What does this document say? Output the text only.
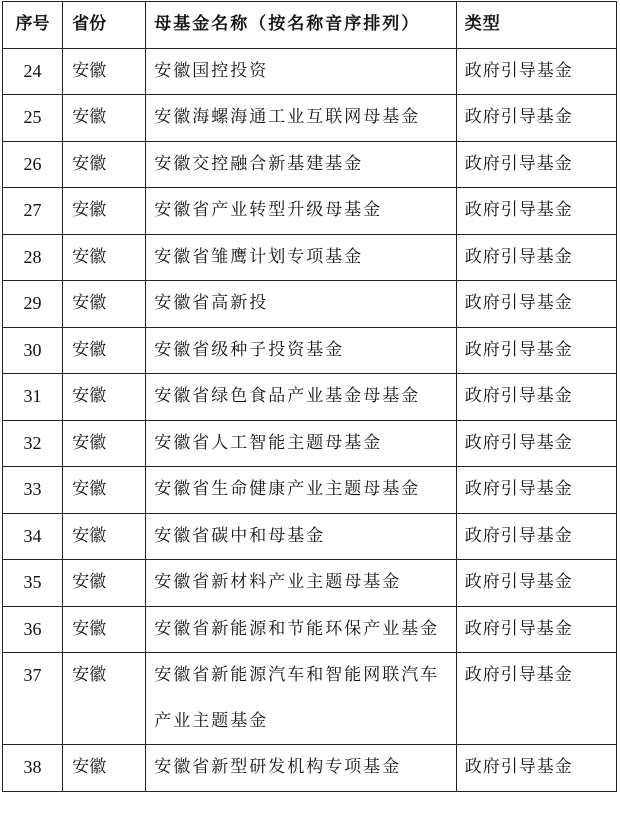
序号	省份	母基金名称（按名称音序排列）	类型
24	安徽	安徽国控投资	政府引导基金
25	安徽	安徽海螺海通工业互联网母基金	政府引导基金
26	安徽	安徽交控融合新基建基金	政府引导基金
27	安徽	安徽省产业转型升级母基金	政府引导基金
28	安徽	安徽省雏鹰计划专项基金	政府引导基金
29	安徽	安徽省高新投	政府引导基金
30	安徽	安徽省级种子投资基金	政府引导基金
31	安徽	安徽省绿色食品产业基金母基金	政府引导基金
32	安徽	安徽省人工智能主题母基金	政府引导基金
33	安徽	安徽省生命健康产业主题母基金	政府引导基金
34	安徽	安徽省碳中和母基金	政府引导基金
35	安徽	安徽省新材料产业主题母基金	政府引导基金
36	安徽	安徽省新能源和节能环保产业基金	政府引导基金
37	安徽	安徽省新能源汽车和智能网联汽车产业主题基金	政府引导基金
38	安徽	安徽省新型研发机构专项基金	政府引导基金
